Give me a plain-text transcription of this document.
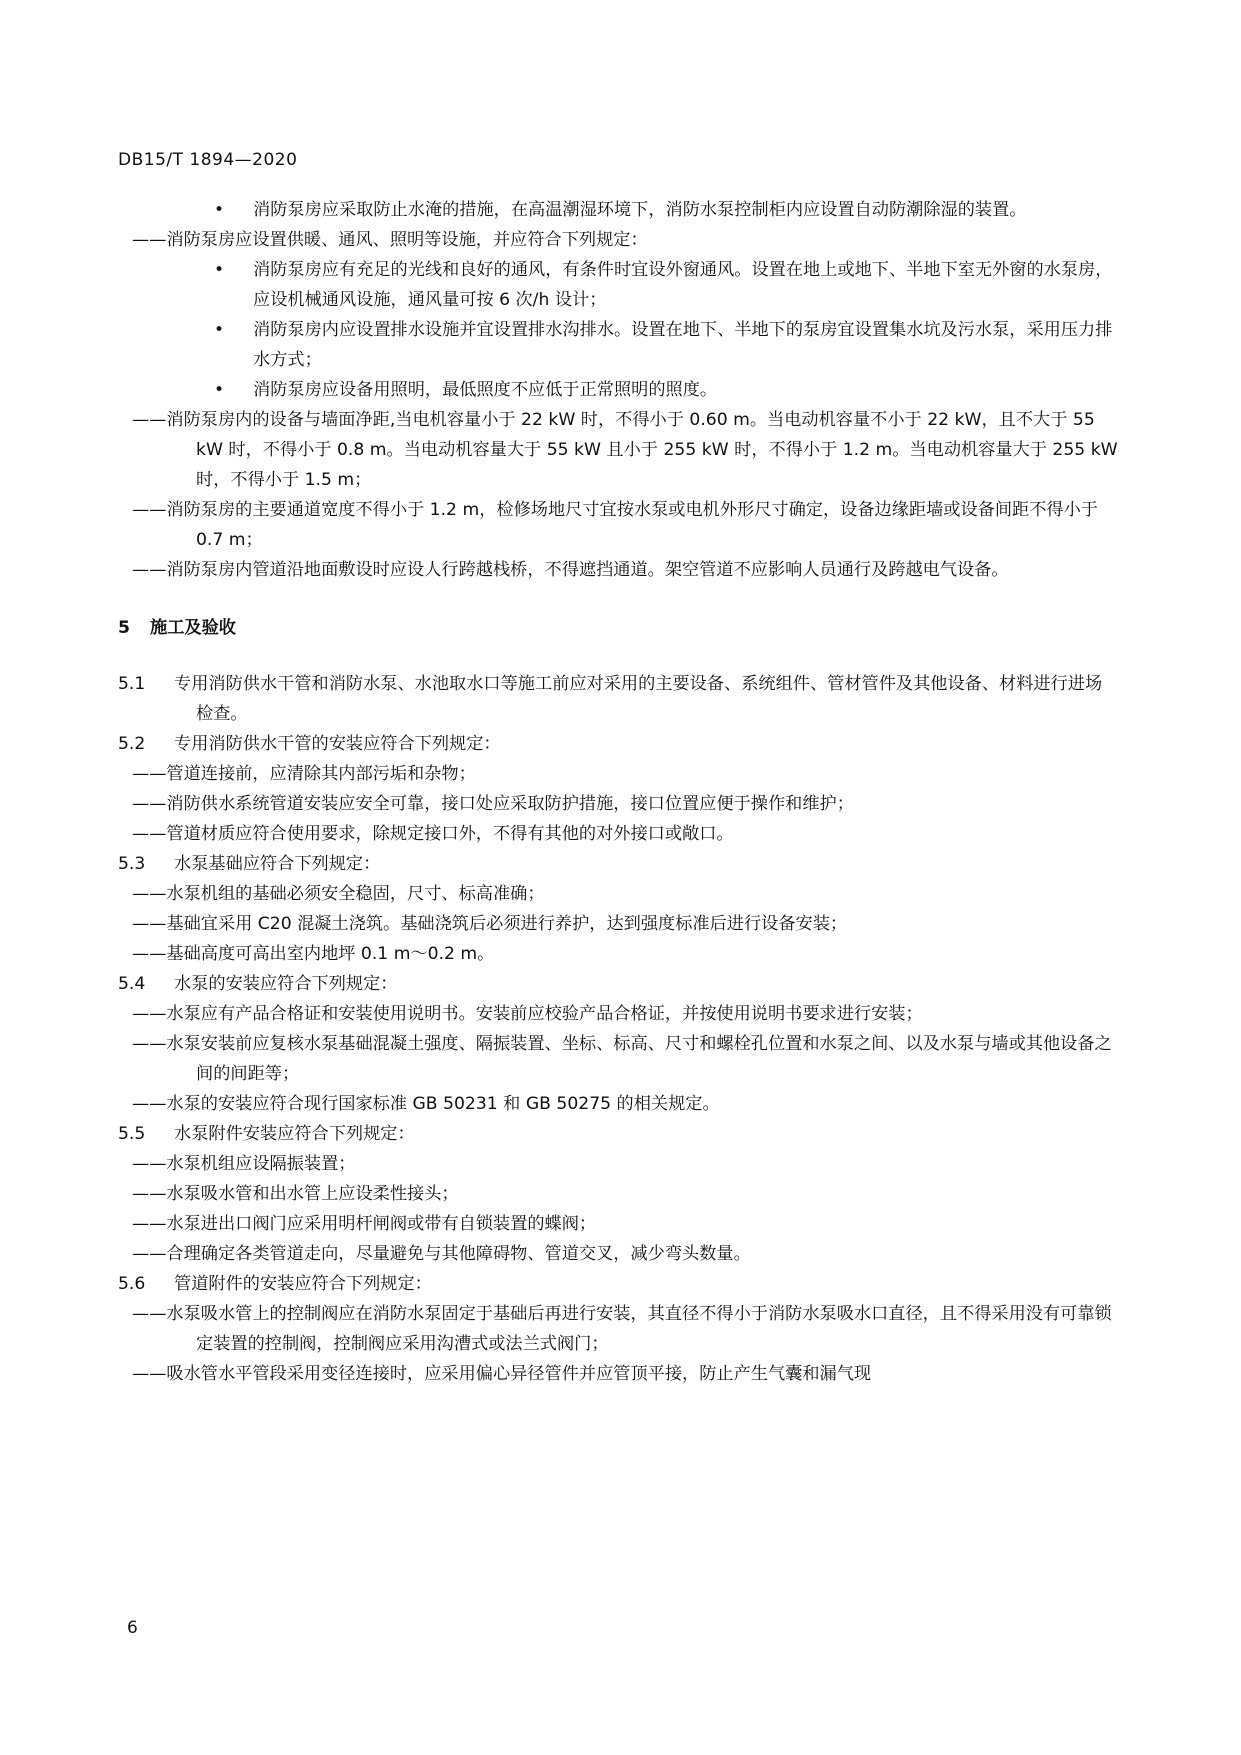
DB15/T 1894—2020
• 消防泵房应采取防止水淹的措施，在高温潮湿环境下，消防水泵控制柜内应设置自动防潮除湿的装置。
——消防泵房应设置供暖、通风、照明等设施，并应符合下列规定：
• 消防泵房应有充足的光线和良好的通风，有条件时宜设外窗通风。设置在地上或地下、半地下室无外窗的水泵房，应设机械通风设施，通风量可按 6 次/h 设计；
• 消防泵房内应设置排水设施并宜设置排水沟排水。设置在地下、半地下的泵房宜设置集水坑及污水泵，采用压力排水方式；
• 消防泵房应设备用照明，最低照度不应低于正常照明的照度。
——消防泵房内的设备与墙面净距,当电机容量小于 22 kW 时，不得小于 0.60 m。当电动机容量不小于 22 kW，且不大于 55 kW 时，不得小于 0.8 m。当电动机容量大于 55 kW 且小于 255 kW 时，不得小于 1.2 m。当电动机容量大于 255 kW 时，不得小于 1.5 m；
——消防泵房的主要通道宽度不得小于 1.2 m，检修场地尺寸宜按水泵或电机外形尺寸确定，设备边缘距墙或设备间距不得小于 0.7 m；
——消防泵房内管道沿地面敷设时应设人行跨越栈桥，不得遮挡通道。架空管道不应影响人员通行及跨越电气设备。
5 施工及验收
5.1 专用消防供水干管和消防水泵、水池取水口等施工前应对采用的主要设备、系统组件、管材管件及其他设备、材料进行进场检查。
5.2 专用消防供水干管的安装应符合下列规定：
——管道连接前，应清除其内部污垢和杂物；
——消防供水系统管道安装应安全可靠，接口处应采取防护措施，接口位置应便于操作和维护；
——管道材质应符合使用要求，除规定接口外，不得有其他的对外接口或敞口。
5.3 水泵基础应符合下列规定：
——水泵机组的基础必须安全稳固，尺寸、标高准确；
——基础宜采用 C20 混凝土浇筑。基础浇筑后必须进行养护，达到强度标准后进行设备安装；
——基础高度可高出室内地坪 0.1 m～0.2 m。
5.4 水泵的安装应符合下列规定：
——水泵应有产品合格证和安装使用说明书。安装前应校验产品合格证，并按使用说明书要求进行安装；
——水泵安装前应复核水泵基础混凝土强度、隔振装置、坐标、标高、尺寸和螺栓孔位置和水泵之间、以及水泵与墙或其他设备之间的间距等；
——水泵的安装应符合现行国家标准 GB 50231 和 GB 50275 的相关规定。
5.5 水泵附件安装应符合下列规定：
——水泵机组应设隔振装置；
——水泵吸水管和出水管上应设柔性接头；
——水泵进出口阀门应采用明杆闸阀或带有自锁装置的蝶阀；
——合理确定各类管道走向，尽量避免与其他障碍物、管道交叉，减少弯头数量。
5.6 管道附件的安装应符合下列规定：
——水泵吸水管上的控制阀应在消防水泵固定于基础后再进行安装，其直径不得小于消防水泵吸水口直径，且不得采用没有可靠锁定装置的控制阀，控制阀应采用沟漕式或法兰式阀门；
——吸水管水平管段采用变径连接时，应采用偏心异径管件并应管顶平接，防止产生气囊和漏气现
6
